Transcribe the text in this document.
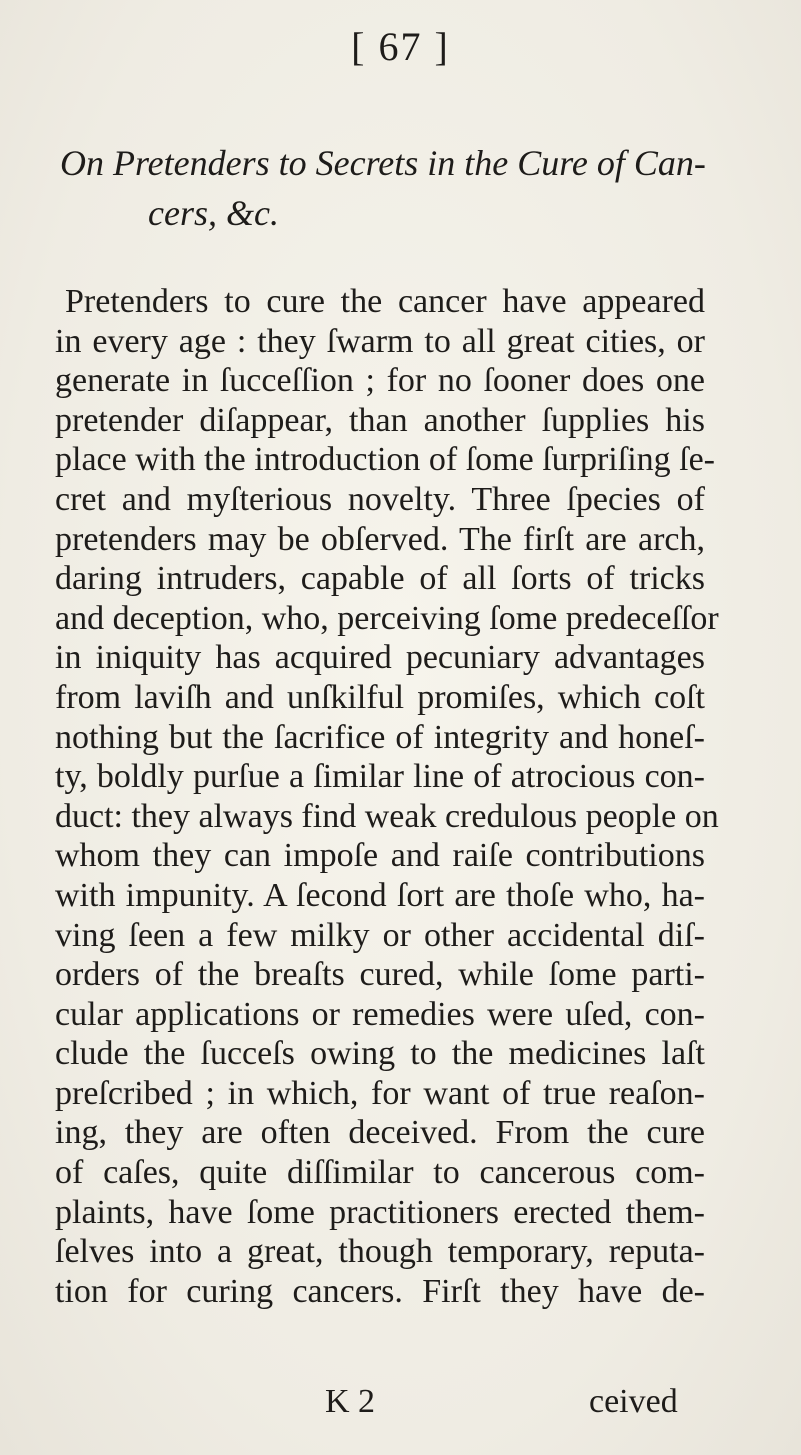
[ 67 ]
On Pretenders to Secrets in the Cure of Can-
cers, &c.
Pretenders to cure the cancer have appeared
in every age : they ſwarm to all great cities, or
generate in ſucceſſion ; for no ſooner does one
pretender diſappear, than another ſupplies his
place with the introduction of ſome ſurpriſing ſe-
cret and myſterious novelty. Three ſpecies of
pretenders may be obſerved. The firſt are arch,
daring intruders, capable of all ſorts of tricks
and deception, who, perceiving ſome predeceſſor
in iniquity has acquired pecuniary advantages
from laviſh and unſkilful promiſes, which coſt
nothing but the ſacrifice of integrity and honeſ-
ty, boldly purſue a ſimilar line of atrocious con-
duct: they always find weak credulous people on
whom they can impoſe and raiſe contributions
with impunity. A ſecond ſort are thoſe who, ha-
ving ſeen a few milky or other accidental diſ-
orders of the breaſts cured, while ſome parti-
cular applications or remedies were uſed, con-
clude the ſucceſs owing to the medicines laſt
preſcribed ; in which, for want of true reaſon-
ing, they are often deceived. From the cure
of caſes, quite diſſimilar to cancerous com-
plaints, have ſome practitioners erected them-
ſelves into a great, though temporary, reputa-
tion for curing cancers. Firſt they have de-
K 2	ceived
